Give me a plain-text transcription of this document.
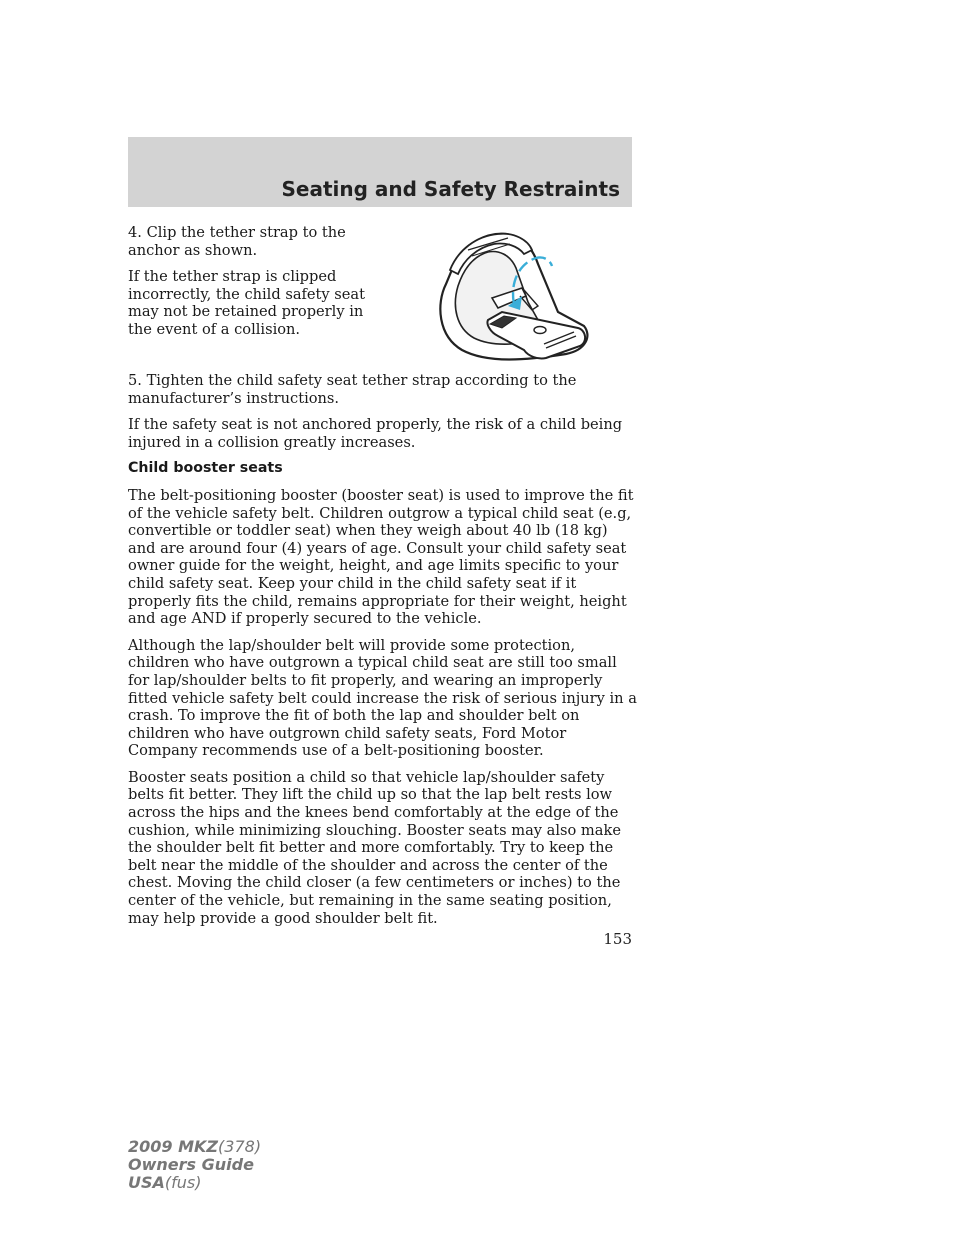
Seating and Safety Restraints

4. Clip the tether strap to the anchor as shown.

If the tether strap is clipped incorrectly, the child safety seat may not be retained properly in the event of a collision.

5. Tighten the child safety seat tether strap according to the manufacturer’s instructions.

If the safety seat is not anchored properly, the risk of a child being injured in a collision greatly increases.

Child booster seats

The belt-positioning booster (booster seat) is used to improve the fit of the vehicle safety belt. Children outgrow a typical child seat (e.g, convertible or toddler seat) when they weigh about 40 lb (18 kg) and are around four (4) years of age. Consult your child safety seat owner guide for the weight, height, and age limits specific to your child safety seat. Keep your child in the child safety seat if it properly fits the child, remains appropriate for their weight, height and age AND if properly secured to the vehicle.

Although the lap/shoulder belt will provide some protection, children who have outgrown a typical child seat are still too small for lap/shoulder belts to fit properly, and wearing an improperly fitted vehicle safety belt could increase the risk of serious injury in a crash. To improve the fit of both the lap and shoulder belt on children who have outgrown child safety seats, Ford Motor Company recommends use of a belt-positioning booster.

Booster seats position a child so that vehicle lap/shoulder safety belts fit better. They lift the child up so that the lap belt rests low across the hips and the knees bend comfortably at the edge of the cushion, while minimizing slouching. Booster seats may also make the shoulder belt fit better and more comfortably. Try to keep the belt near the middle of the shoulder and across the center of the chest. Moving the child closer (a few centimeters or inches) to the center of the vehicle, but remaining in the same seating position, may help provide a good shoulder belt fit.

153
2009 MKZ(378)
Owners Guide
USA(fus)
